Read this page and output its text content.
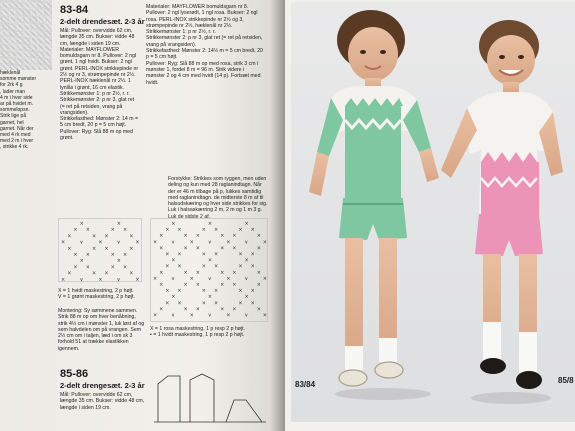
hæklenål
somme mønster
for 2rk 4 g
, lader man
4 m i hver side
ar på hvidet m.
sommelopsn.
Strik lige på
garnet, hel
garnet. Når der
med 4 rk med
med 2 m i hver
, strikke 4 rk.
83-84
2-delt drendesæt. 2-3 år
Mål: Pullover: overvidde 62 cm, længde 35 cm. Bukser: vidde 48 cm, længde i siden 19 cm.
Materialer: MAYFLOWER bomuldsgarn nr 8. Pullover: 2 ngl grønt, 1 ngl hvidt. Bukser: 2 ngl grønt. PERL-INOX strikkepinde nr 2½ og nr 3, strømpepinde nr 2½. PERL-INOX hæklenål nr 2½. 1 lynlås i grønt, 16 cm elastik.
Strikkemønster 1: p nr 2½, r. r.
Strikkemønster 2: p nr 3, glat ret (= ret på retsiden, vrang på vrangsiden).
Strikkefasthed: Mønster 2: 14 m = 5 cm bredt, 20 p = 5 cm højt.
Pullover: Ryg: Slå 88 m op med grønt.
Materialer: MAYFLOWER bomuldsgarn nr 8. Pullover: 2 ngl lyserødt, 1 ngl rosa. Bukser: 2 ngl rosa. PERL-INOX strikkepinde nr 2½ og 3, strømpepinde nr 2½, hæklenål nr 2½.
Strikkemønster 1: p nr 2½, r. r.
Strikkemønster 2: p nr 3, glat ret (= ret på retsiden, vrang på vrangsiden).
Strikkefasthed: Mønster 2: 14½ m = 5 cm bredt, 20 p = 5 cm højt.
Pullover: Ryg: Slå 88 m op med rosa, strik 3 cm i mønster 1, fordel 8 m = 96 m. Strik videre i mønster 2 og 4 cm med hvidt (14 p). Fortsæt med hvidt.
×	×
× ×	× ×
×	× ×	×
×	∨	×	∨	×
×	× ×	×
× ×	× ×
×	×
× ×	× ×
×	× ×	×
×	∨	×	∨	×
×	×	×
× ×	× ×	× ×
×	× ×	× ×	×
×	∨	×	∨	×	∨	×
×	× ×	× ×	×
× ×	× ×	× ×
×	×	×
× ×	× ×	× ×
×	× ×	× ×	×
×	∨	×	∨	×	∨	×
×	× ×	× ×	×
× ×	× ×	× ×
×	×	×
× ×	× ×	× ×
×	× ×	× ×	×
×	∨	×	∨	×	∨	×
X = 1 hvidt maskestring, 2 p højt.
V = 1 grønt maskestring, 2 p højt.
X = 1 rosa maskestring, 1 p resp 2 p højt.
• = 1 hvidt maskestring, 1 p resp 2 p højt.
Montering: Sy sømmene sammen. Strik 88 m op om hver benåbning, strik 4½ cm i mønster 1, luk løst af og sem halvdelen om på vrangen. Sem 2½ cm om i taljen, læd i om sk 3 forhold 51 at trække elastikken igennem.
85-86
2-delt drengesæt. 2-3 år
Mål: Pullover: overvidde 62 cm, længde 35 cm. Bukser: vidde 48 cm, længde i siden 19 cm.
Forstykke: Strikkes som ryggen, men uden deling og kun med 28 raglanindtagn. Når der er 46 m tilbage på p, lukkes samtidig med raglanindtagn. de midterste 8 m af til halsudskæring og hver side strikkes for sig. Luk i halsaskærring 2 m, 2 m og 1 m 3 g. Luk de sidste 2 af.
83/84	85/8
